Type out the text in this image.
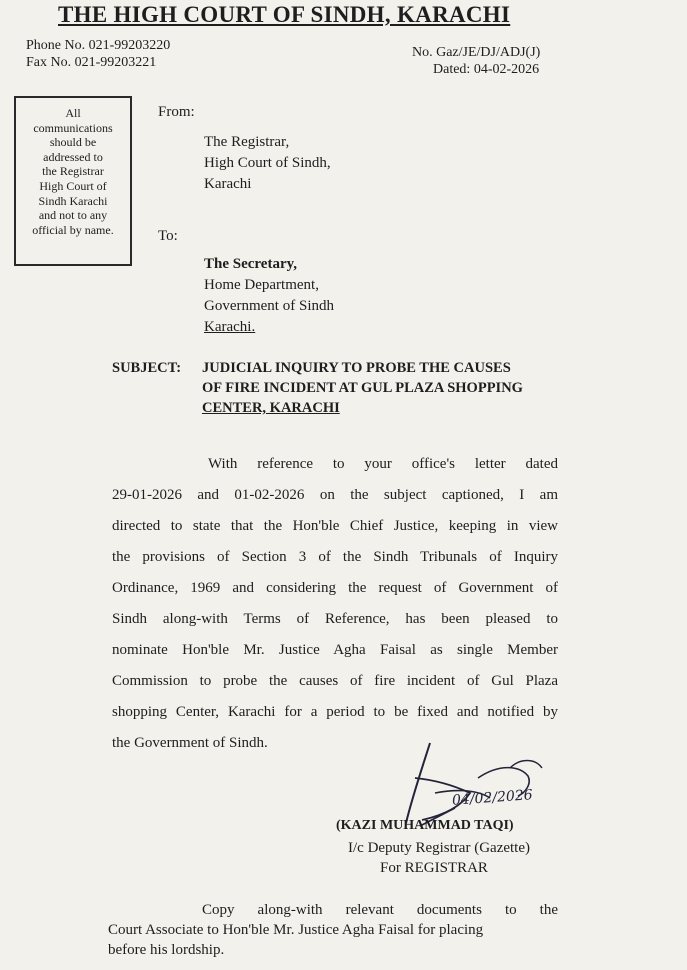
THE HIGH COURT OF SINDH, KARACHI
Phone No. 021-99203220
Fax No. 021-99203221
No. Gaz/JE/DJ/ADJ(J)
Dated: 04-02-2026
All
communications
should be
addressed to
the Registrar
High Court of
Sindh Karachi
and not to any
official by name.
From:
The Registrar,
High Court of Sindh,
Karachi
To:
The Secretary,
Home Department,
Government of Sindh
Karachi.
SUBJECT: JUDICIAL INQUIRY TO PROBE THE CAUSES
OF FIRE INCIDENT AT GUL PLAZA SHOPPING
CENTER, KARACHI
With reference to your office's letter dated
29-01-2026 and 01-02-2026 on the subject captioned, I am
directed to state that the Hon'ble Chief Justice, keeping in view
the provisions of Section 3 of the Sindh Tribunals of Inquiry
Ordinance, 1969 and considering the request of Government of
Sindh along-with Terms of Reference, has been pleased to
nominate Hon'ble Mr. Justice Agha Faisal as single Member
Commission to probe the causes of fire incident of Gul Plaza
shopping Center, Karachi for a period to be fixed and notified by
the Government of Sindh.
04/02/2026
(KAZI MUHAMMAD TAQI)
I/c Deputy Registrar (Gazette)
For REGISTRAR
Copy along-with relevant documents to the
Court Associate to Hon'ble Mr. Justice Agha Faisal for placing
before his lordship.
